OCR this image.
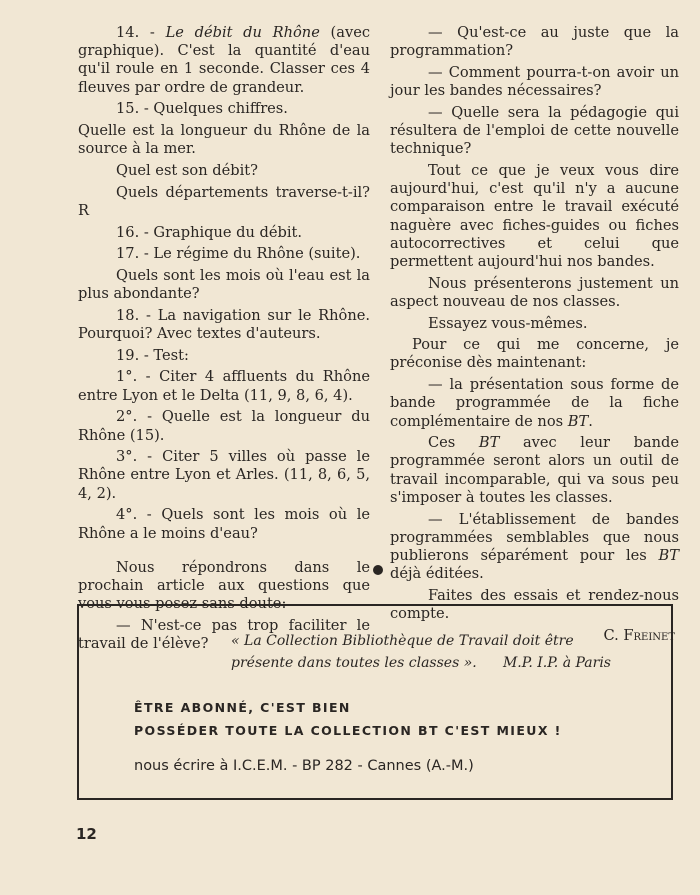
14. - Le débit du Rhône (avec graphique). C'est la quantité d'eau qu'il roule en 1 seconde. Classer ces 4 fleuves par ordre de grandeur.

15. - Quelques chiffres.

Quelle est la longueur du Rhône de la source à la mer.

Quel est son débit?

Quels départements traverse-t-il? R

16. - Graphique du débit.

17. - Le régime du Rhône (suite).

Quels sont les mois où l'eau est la plus abondante?

18. - La navigation sur le Rhône. Pourquoi? Avec textes d'auteurs.

19. - Test:

1°. - Citer 4 affluents du Rhône entre Lyon et le Delta (11, 9, 8, 6, 4).

2°. - Quelle est la longueur du Rhône (15).

3°. - Citer 5 villes où passe le Rhône entre Lyon et Arles. (11, 8, 6, 5, 4, 2).

4°. - Quels sont les mois où le Rhône a le moins d'eau?

Nous répondrons dans le prochain article aux questions que vous vous posez sans doute:

— N'est-ce pas trop faciliter le travail de l'élève?

— Qu'est-ce au juste que la programmation?

— Comment pourra-t-on avoir un jour les bandes nécessaires?

— Quelle sera la pédagogie qui résultera de l'emploi de cette nouvelle technique?

Tout ce que je veux vous dire aujourd'hui, c'est qu'il n'y a aucune comparaison entre le travail exécuté naguère avec fiches-guides ou fiches autocorrectives et celui que permettent aujourd'hui nos bandes.

Nous présenterons justement un aspect nouveau de nos classes.

Essayez vous-mêmes.

Pour ce qui me concerne, je préconise dès maintenant:

— la présentation sous forme de bande programmée de la fiche complémentaire de nos BT.

Ces BT avec leur bande programmée seront alors un outil de travail incomparable, qui va sous peu s'imposer à toutes les classes.

— L'établissement de bandes programmées semblables que nous publierons séparément pour les BT déjà éditées.

Faites des essais et rendez-nous compte.

C. Freinet

« La Collection Bibliothèque de Travail doit être présente dans toutes les classes ». M.P. I.P. à Paris
ÊTRE ABONNÉ, C'EST BIEN
POSSÉDER TOUTE LA COLLECTION BT C'EST MIEUX !
nous écrire à I.C.E.M. - BP 282 - Cannes (A.-M.)
12
